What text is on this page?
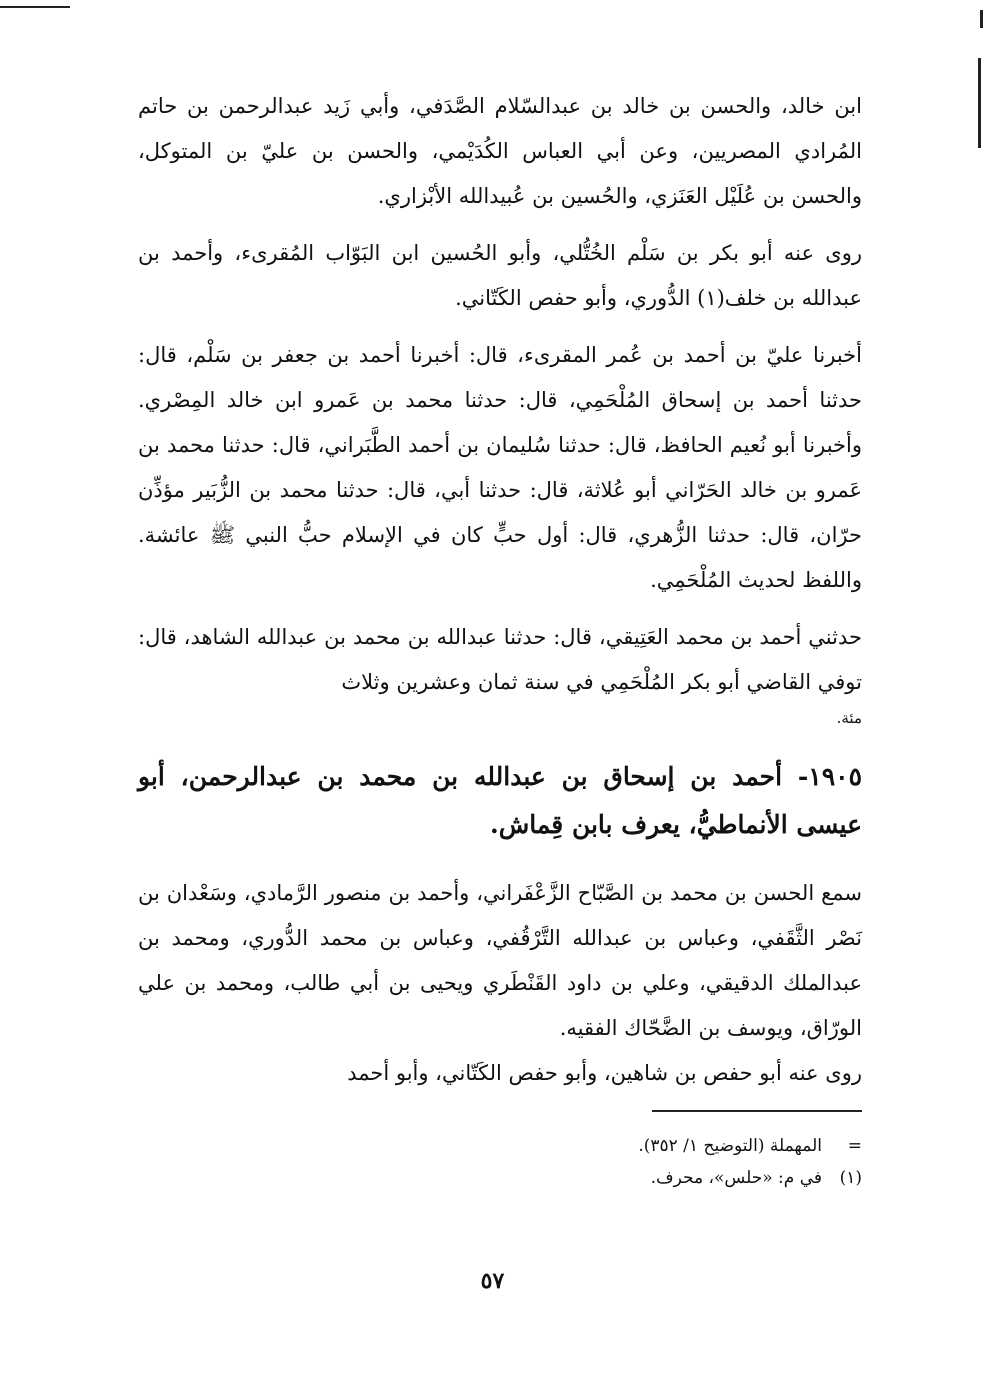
ابن خالد، والحسن بن خالد بن عبدالسّلام الصَّدَفي، وأبي زَيد عبدالرحمن بن حاتم المُرادي المصريين، وعن أبي العباس الكُدَيْمي، والحسن بن عليّ بن المتوكل، والحسن بن عُلَيْل العَنَزي، والحُسين بن عُبيدالله الأبْزاري.

روى عنه أبو بكر بن سَلْم الخُتُّلي، وأبو الحُسين ابن البَوّاب المُقرىء، وأحمد بن عبدالله بن خلف(١) الدُّوري، وأبو حفص الكَتّاني.

أخبرنا عليّ بن أحمد بن عُمر المقرىء، قال: أخبرنا أحمد بن جعفر بن سَلْم، قال: حدثنا أحمد بن إسحاق المُلْحَمِي، قال: حدثنا محمد بن عَمرو ابن خالد المِصْري. وأخبرنا أبو نُعيم الحافظ، قال: حدثنا سُليمان بن أحمد الطَّبَراني، قال: حدثنا محمد بن عَمرو بن خالد الحَرّاني أبو عُلاثة، قال: حدثنا أبي، قال: حدثنا محمد بن الزُّبَير مؤذِّن حرّان، قال: حدثنا الزُّهري، قال: أول حبٍّ كان في الإسلام حبُّ النبي ﷺ عائشة. واللفظ لحديث المُلْحَمِي.

حدثني أحمد بن محمد العَتِيقي، قال: حدثنا عبدالله بن محمد بن عبدالله الشاهد، قال: توفي القاضي أبو بكر المُلْحَمِي في سنة ثمان وعشرين وثلاث

مئة.

١٩٠٥- أحمد بن إسحاق بن عبدالله بن محمد بن عبدالرحمن، أبو عيسى الأنماطيُّ، يعرف بابن قِماش.

سمع الحسن بن محمد بن الصَّبّاح الزَّعْفَراني، وأحمد بن منصور الرَّمادي، وسَعْدان بن نَصْر الثَّقَفي، وعباس بن عبدالله التَّرْقُفي، وعباس بن محمد الدُّوري، ومحمد بن عبدالملك الدقيقي، وعلي بن داود القَنْطَري ويحيى بن أبي طالب، ومحمد بن علي الورّاق، ويوسف بن الضَّحّاك الفقيه.

روى عنه أبو حفص بن شاهين، وأبو حفص الكَتّاني، وأبو أحمد

=المهملة (التوضيح ١/ ٣٥٢).

(١)في م: «حلس»، محرف.

٥٧
